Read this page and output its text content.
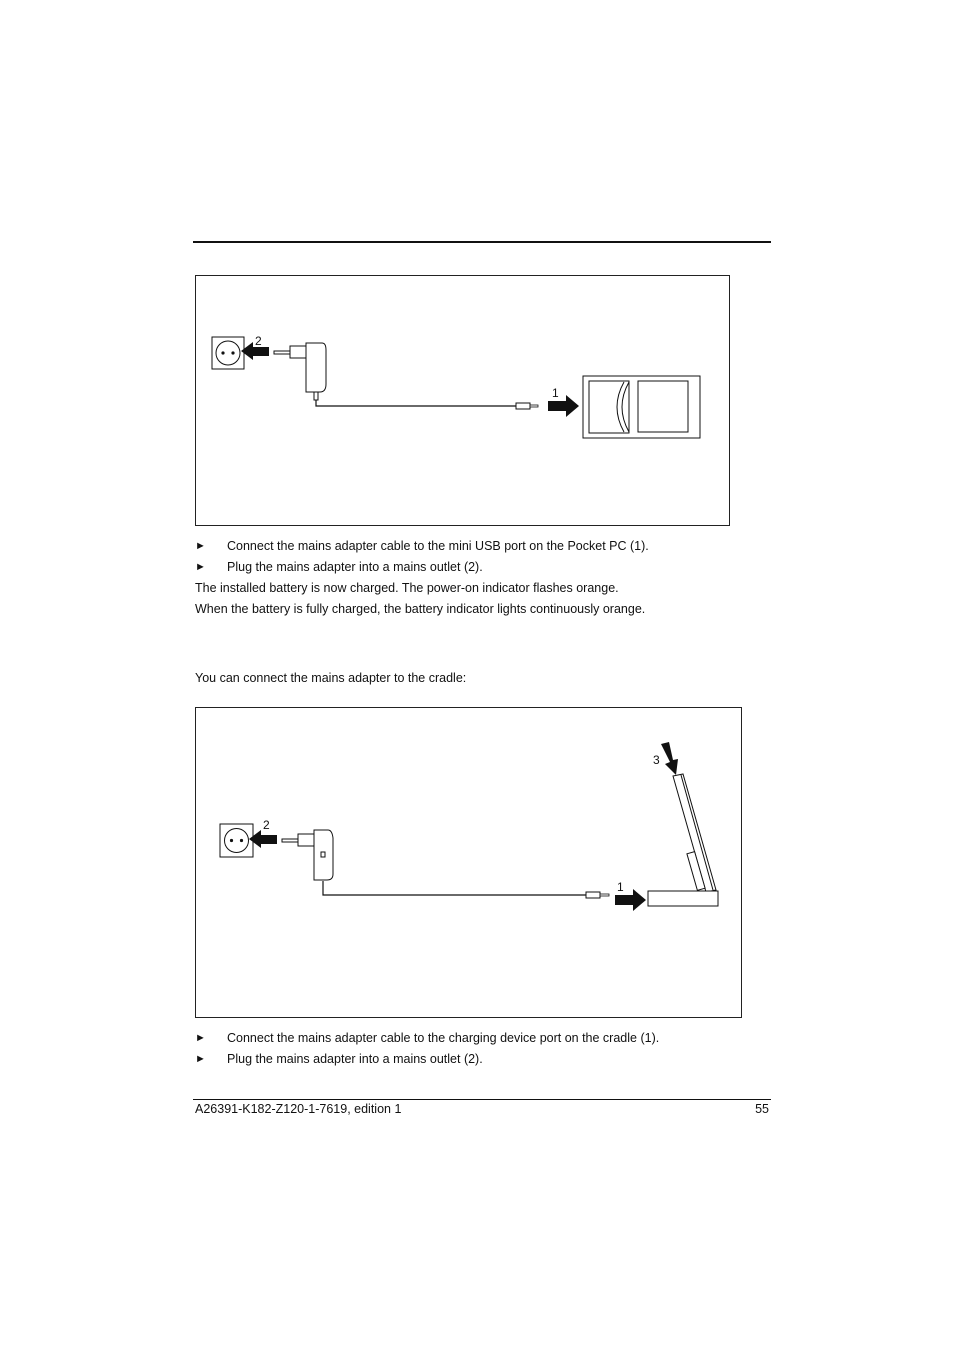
2
1
► Connect the mains adapter cable to the mini USB port on the Pocket PC (1).
► Plug the mains adapter into a mains outlet (2).
The installed battery is now charged. The power-on indicator flashes orange.
When the battery is fully charged, the battery indicator lights continuously orange.
You can connect the mains adapter to the cradle:
3
2
1
► Connect the mains adapter cable to the charging device port on the cradle (1).
► Plug the mains adapter into a mains outlet (2).
A26391-K182-Z120-1-7619, edition 1	55
